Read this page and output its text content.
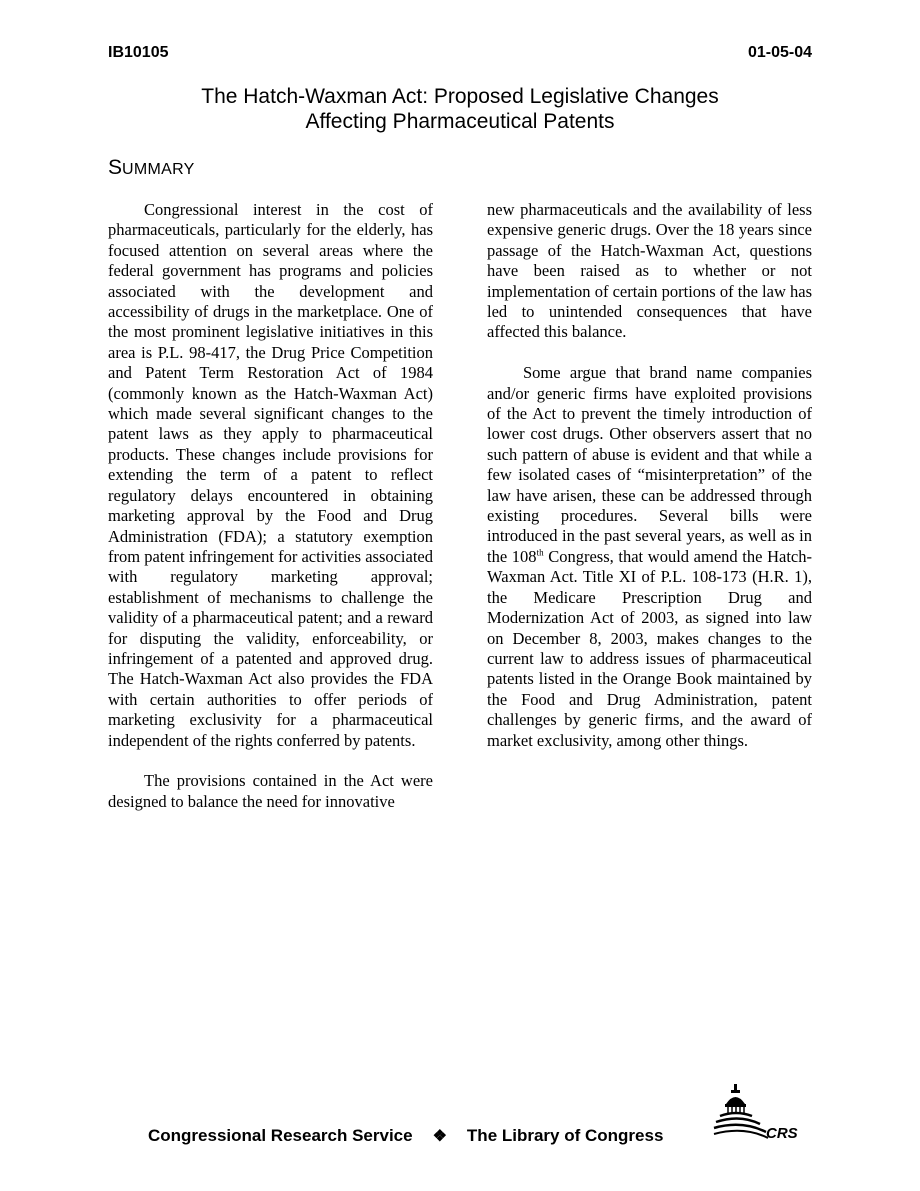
IB10105	01-05-04
The Hatch-Waxman Act: Proposed Legislative Changes
Affecting Pharmaceutical Patents
SUMMARY

Congressional interest in the cost of pharmaceuticals, particularly for the elderly, has focused attention on several areas where the federal government has programs and policies associated with the development and accessibility of drugs in the marketplace. One of the most prominent legislative initiatives in this area is P.L. 98-417, the Drug Price Competition and Patent Term Restoration Act of 1984 (commonly known as the Hatch-Waxman Act) which made several significant changes to the patent laws as they apply to pharmaceutical products. These changes include provisions for extending the term of a patent to reflect regulatory delays encountered in obtaining marketing approval by the Food and Drug Administration (FDA); a statutory exemption from patent infringement for activities associated with regulatory marketing approval; establishment of mechanisms to challenge the validity of a pharmaceutical patent; and a reward for disputing the validity, enforceability, or infringement of a patented and approved drug. The Hatch-Waxman Act also provides the FDA with certain authorities to offer periods of marketing exclusivity for a pharmaceutical independent of the rights conferred by patents.

The provisions contained in the Act were designed to balance the need for innovative

new pharmaceuticals and the availability of less expensive generic drugs. Over the 18 years since passage of the Hatch-Waxman Act, questions have been raised as to whether or not implementation of certain portions of the law has led to unintended consequences that have affected this balance.

Some argue that brand name companies and/or generic firms have exploited provisions of the Act to prevent the timely introduction of lower cost drugs. Other observers assert that no such pattern of abuse is evident and that while a few isolated cases of “misinterpretation” of the law have arisen, these can be addressed through existing procedures. Several bills were introduced in the past several years, as well as in the 108th Congress, that would amend the Hatch-Waxman Act. Title XI of P.L. 108-173 (H.R. 1), the Medicare Prescription Drug and Modernization Act of 2003, as signed into law on December 8, 2003, makes changes to the current law to address issues of pharmaceutical patents listed in the Orange Book maintained by the Food and Drug Administration, patent challenges by generic firms, and the award of market exclusivity, among other things.

Congressional Research Service ❖ The Library of Congress	CRS
